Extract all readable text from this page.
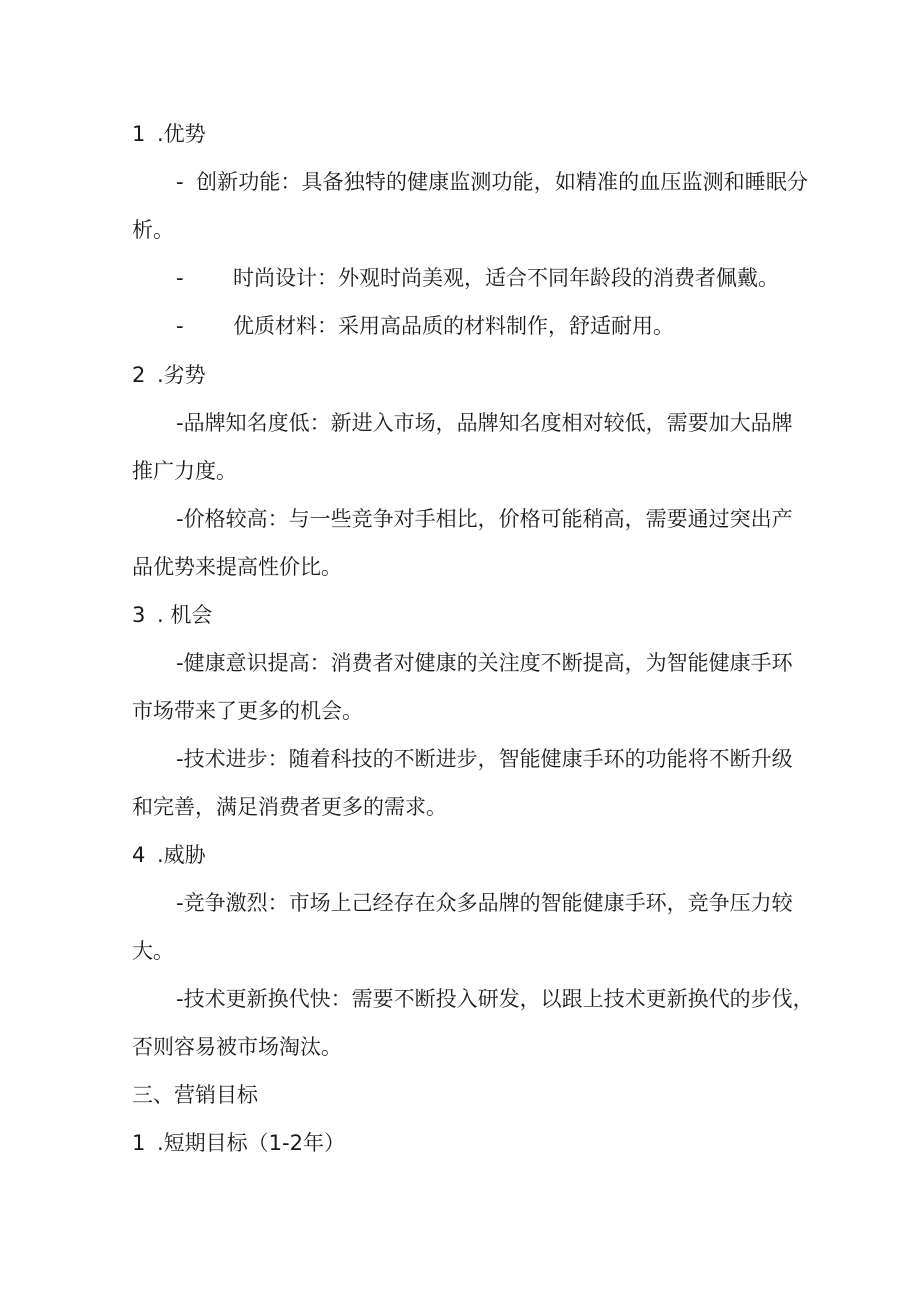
1 .优势
- 创新功能：具备独特的健康监测功能，如精准的血压监测和睡眠分
析。
- 时尚设计：外观时尚美观，适合不同年龄段的消费者佩戴。
- 优质材料：采用高品质的材料制作，舒适耐用。
2 .劣势
-品牌知名度低：新进入市场，品牌知名度相对较低，需要加大品牌
推广力度。
-价格较高：与一些竞争对手相比，价格可能稍高，需要通过突出产
品优势来提高性价比。
3 . 机会
-健康意识提高：消费者对健康的关注度不断提高，为智能健康手环
市场带来了更多的机会。
-技术进步：随着科技的不断进步，智能健康手环的功能将不断升级
和完善，满足消费者更多的需求。
4 .威胁
-竞争激烈：市场上己经存在众多品牌的智能健康手环，竞争压力较
大。
-技术更新换代快：需要不断投入研发，以跟上技术更新换代的步伐，
否则容易被市场淘汰。
三、营销目标
1 .短期目标（1-2年）
